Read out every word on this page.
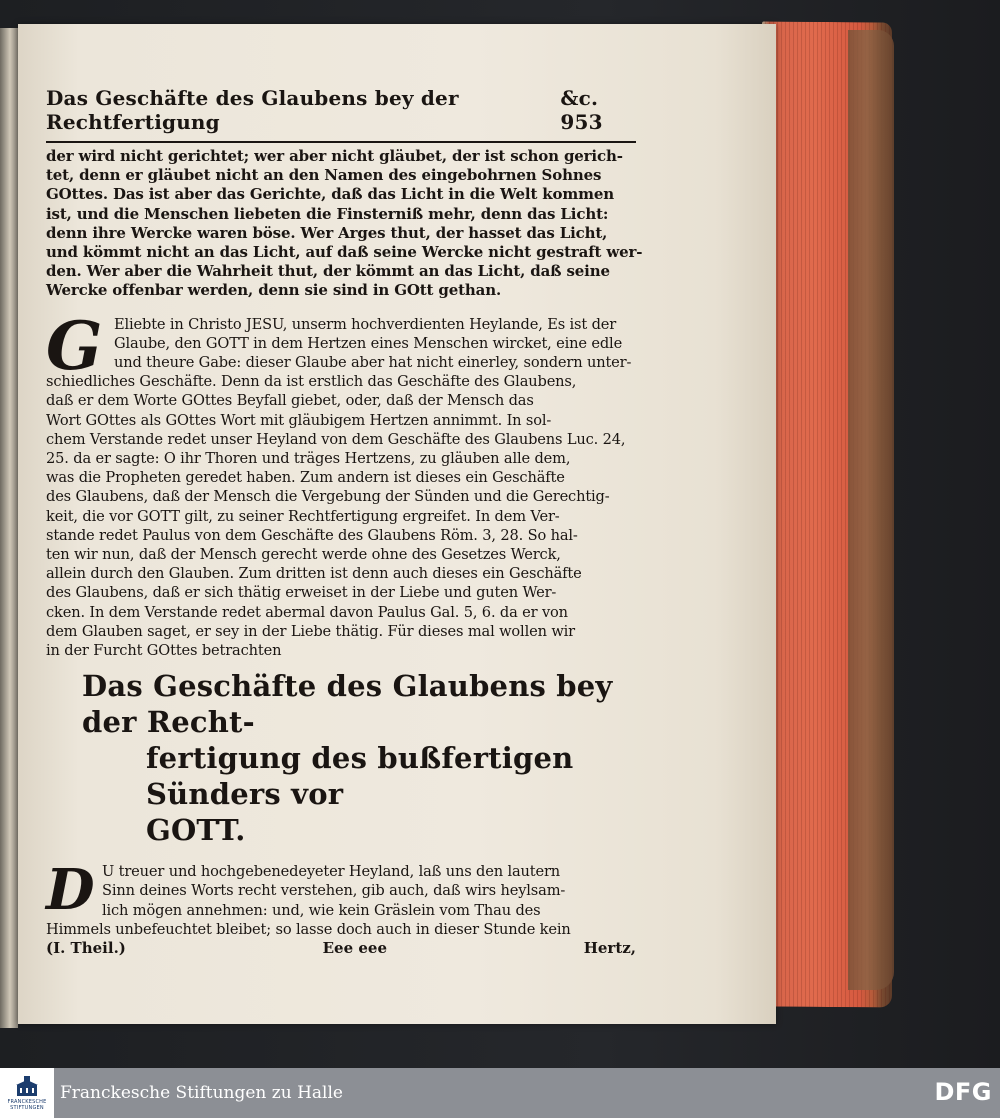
Das Geschäfte des Glaubens bey der Rechtfertigung
&c. 953
der wird nicht gerichtet; wer aber nicht gläubet, der ist schon gerich-
tet, denn er gläubet nicht an den Namen des eingebohrnen Sohnes
GOttes. Das ist aber das Gerichte, daß das Licht in die Welt kommen
ist, und die Menschen liebeten die Finsterniß mehr, denn das Licht:
denn ihre Wercke waren böse. Wer Arges thut, der hasset das Licht,
und kömmt nicht an das Licht, auf daß seine Wercke nicht gestraft wer-
den. Wer aber die Wahrheit thut, der kömmt an das Licht, daß seine
Wercke offenbar werden, denn sie sind in GOtt gethan.
G Eliebte in Christo JESU, unserm hochverdienten Heylande, Es ist der
Glaube, den GOTT in dem Hertzen eines Menschen wircket, eine edle
und theure Gabe: dieser Glaube aber hat nicht einerley, sondern unter-
schiedliches Geschäfte. Denn da ist erstlich das Geschäfte des Glaubens,
daß er dem Worte GOttes Beyfall giebet, oder, daß der Mensch das
Wort GOttes als GOttes Wort mit gläubigem Hertzen annimmt. In sol-
chem Verstande redet unser Heyland von dem Geschäfte des Glaubens Luc. 24,
25. da er sagte: O ihr Thoren und träges Hertzens, zu gläuben alle dem,
was die Propheten geredet haben. Zum andern ist dieses ein Geschäfte
des Glaubens, daß der Mensch die Vergebung der Sünden und die Gerechtig-
keit, die vor GOTT gilt, zu seiner Rechtfertigung ergreifet. In dem Ver-
stande redet Paulus von dem Geschäfte des Glaubens Röm. 3, 28. So hal-
ten wir nun, daß der Mensch gerecht werde ohne des Gesetzes Werck,
allein durch den Glauben. Zum dritten ist denn auch dieses ein Geschäfte
des Glaubens, daß er sich thätig erweiset in der Liebe und guten Wer-
cken. In dem Verstande redet abermal davon Paulus Gal. 5, 6. da er von
dem Glauben saget, er sey in der Liebe thätig. Für dieses mal wollen wir
in der Furcht GOttes betrachten
Das Geschäfte des Glaubens bey der Recht-
fertigung des bußfertigen Sünders vor
GOTT.
D U treuer und hochgebenedeyeter Heyland, laß uns den lautern
Sinn deines Worts recht verstehen, gib auch, daß wirs heylsam-
lich mögen annehmen: und, wie kein Gräslein vom Thau des
Himmels unbefeuchtet bleibet; so lasse doch auch in dieser Stunde kein
(I. Theil.)	Eee eee	Hertz,
FRANCKESCHE
STIFTUNGEN
Franckesche Stiftungen zu Halle	DFG
